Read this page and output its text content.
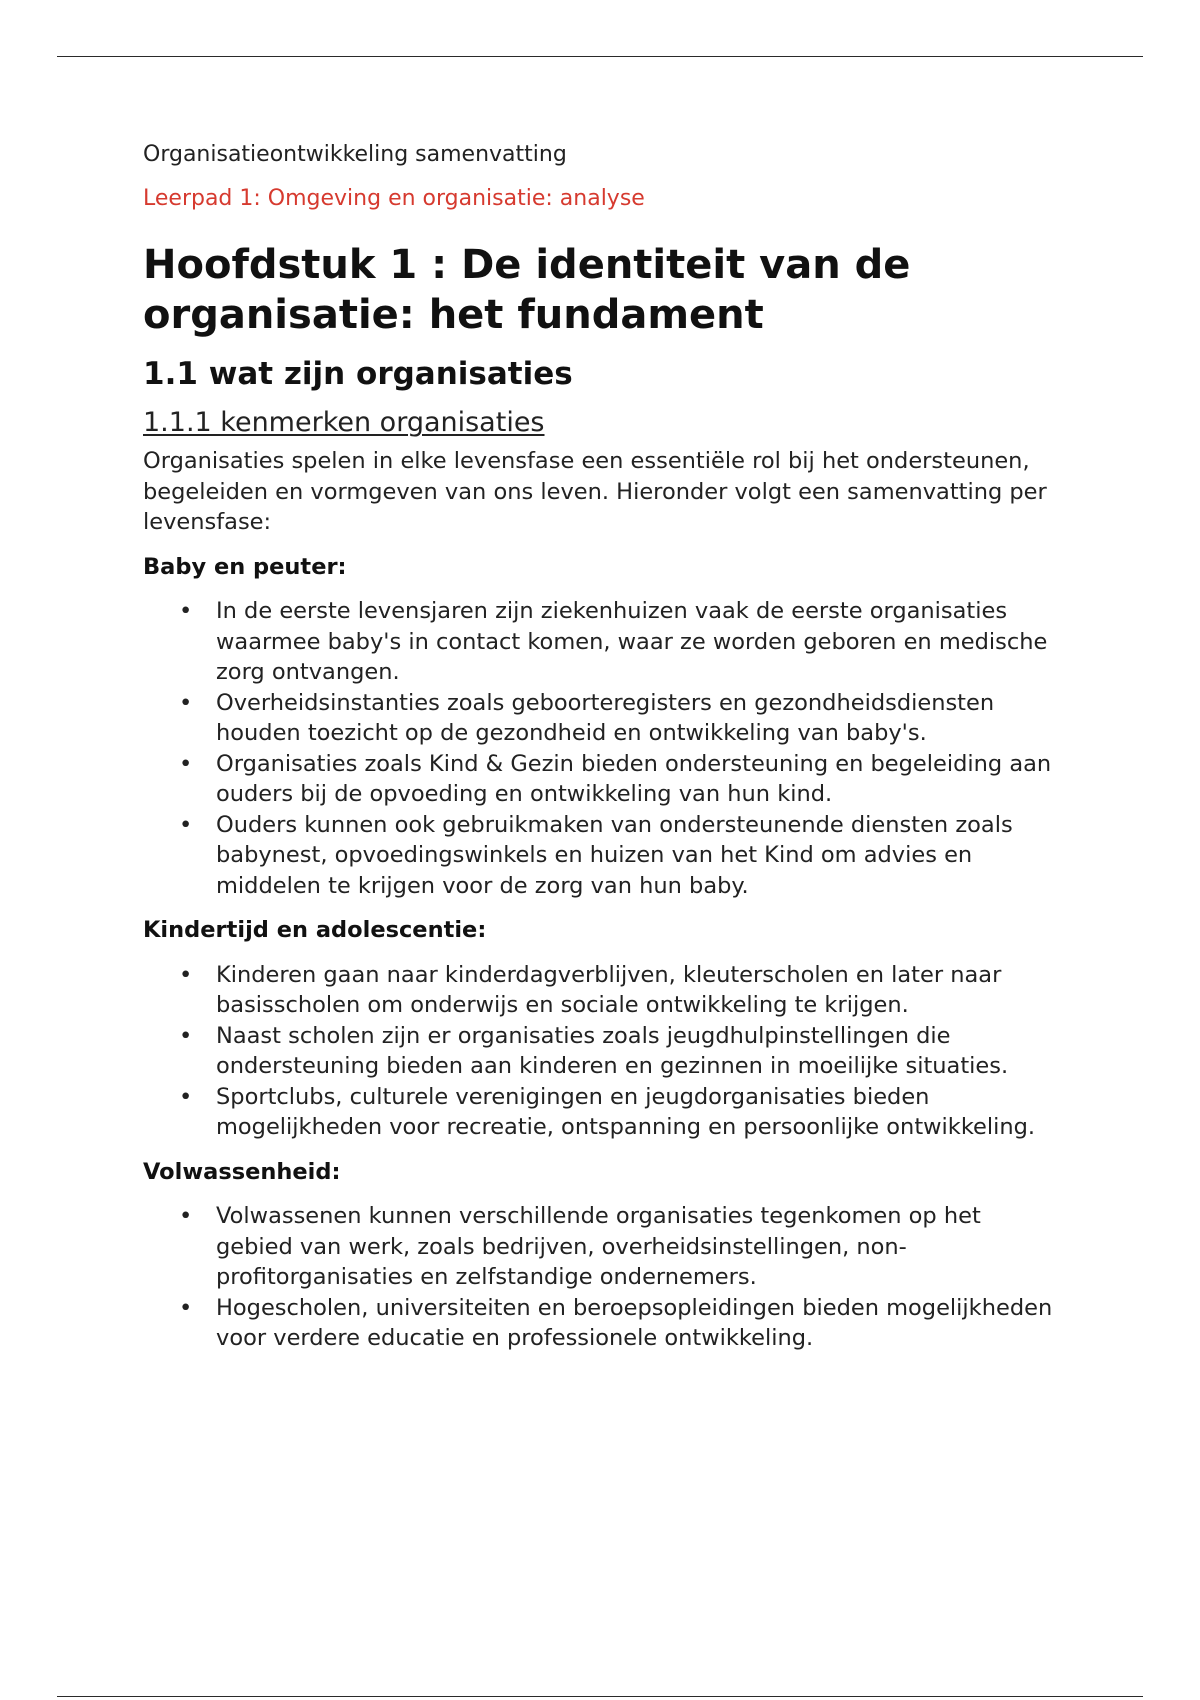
Organisatieontwikkeling samenvatting
Leerpad 1: Omgeving en organisatie: analyse
Hoofdstuk 1 : De identiteit van de organisatie: het fundament
1.1 wat zijn organisaties
1.1.1 kenmerken organisaties

Organisaties spelen in elke levensfase een essentiële rol bij het ondersteunen, begeleiden en vormgeven van ons leven. Hieronder volgt een samenvatting per levensfase:

Baby en peuter:
• In de eerste levensjaren zijn ziekenhuizen vaak de eerste organisaties waarmee baby's in contact komen, waar ze worden geboren en medische zorg ontvangen.
• Overheidsinstanties zoals geboorteregisters en gezondheidsdiensten houden toezicht op de gezondheid en ontwikkeling van baby's.
• Organisaties zoals Kind & Gezin bieden ondersteuning en begeleiding aan ouders bij de opvoeding en ontwikkeling van hun kind.
• Ouders kunnen ook gebruikmaken van ondersteunende diensten zoals babynest, opvoedingswinkels en huizen van het Kind om advies en middelen te krijgen voor de zorg van hun baby.
Kindertijd en adolescentie:
• Kinderen gaan naar kinderdagverblijven, kleuterscholen en later naar basisscholen om onderwijs en sociale ontwikkeling te krijgen.
• Naast scholen zijn er organisaties zoals jeugdhulpinstellingen die ondersteuning bieden aan kinderen en gezinnen in moeilijke situaties.
• Sportclubs, culturele verenigingen en jeugdorganisaties bieden mogelijkheden voor recreatie, ontspanning en persoonlijke ontwikkeling.
Volwassenheid:
• Volwassenen kunnen verschillende organisaties tegenkomen op het gebied van werk, zoals bedrijven, overheidsinstellingen, non-profitorganisaties en zelfstandige ondernemers.
• Hogescholen, universiteiten en beroepsopleidingen bieden mogelijkheden voor verdere educatie en professionele ontwikkeling.
